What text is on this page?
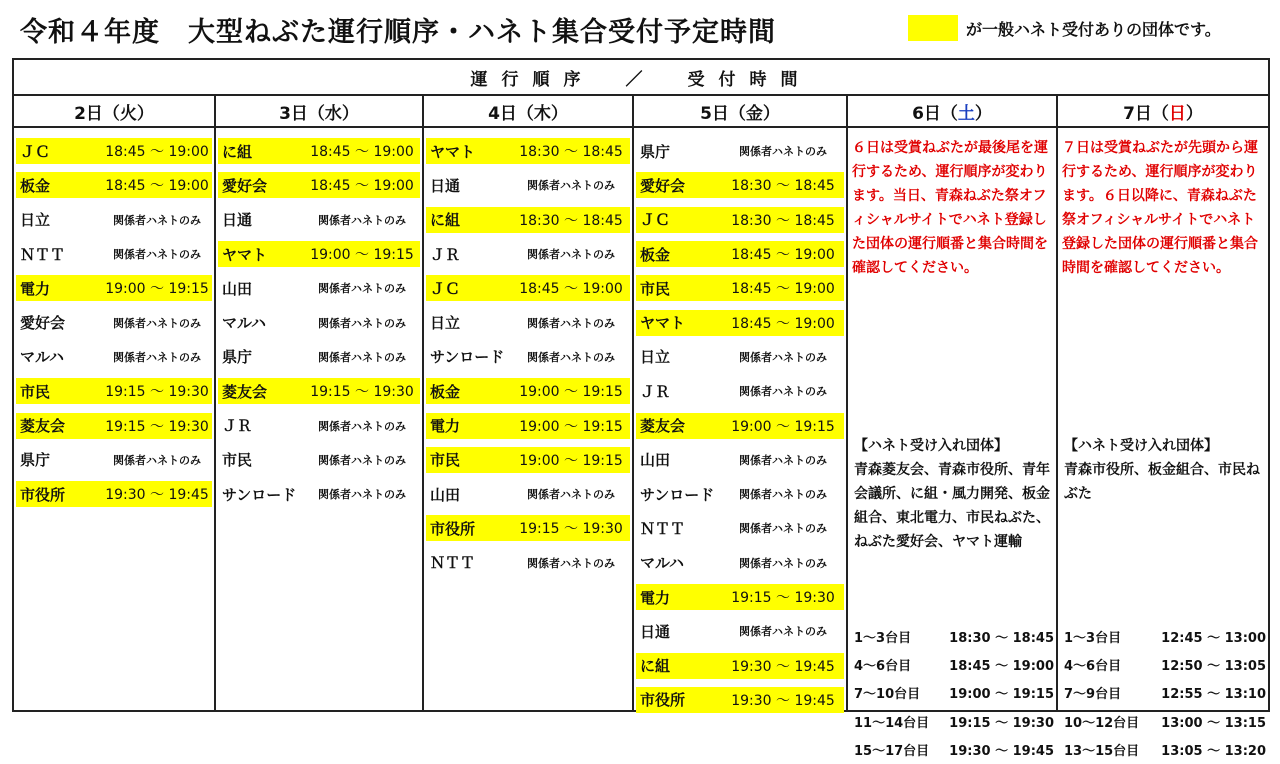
令和４年度　大型ねぶた運行順序・ハネト集合受付予定時間	が一般ハネト受付ありの団体です。
運行順序　／　受付時間
2日（ 火 ）	3日（ 水 ）	4日（ 木 ）	5日（ 金 ）	6日（ 土 ）	7日（ 日 ）
ＪＣ	18:45 ～ 19:00
板金	18:45 ～ 19:00
日立	関係者ハネトのみ
ＮＴＴ	関係者ハネトのみ
電力	19:00 ～ 19:15
愛好会	関係者ハネトのみ
マルハ	関係者ハネトのみ
市民	19:15 ～ 19:30
菱友会	19:15 ～ 19:30
県庁	関係者ハネトのみ
市役所	19:30 ～ 19:45
に組	18:45 ～ 19:00
愛好会	18:45 ～ 19:00
日通	関係者ハネトのみ
ヤマト	19:00 ～ 19:15
山田	関係者ハネトのみ
マルハ	関係者ハネトのみ
県庁	関係者ハネトのみ
菱友会	19:15 ～ 19:30
ＪＲ	関係者ハネトのみ
市民	関係者ハネトのみ
サンロード	関係者ハネトのみ
ヤマト	18:30 ～ 18:45
日通	関係者ハネトのみ
に組	18:30 ～ 18:45
ＪＲ	関係者ハネトのみ
ＪＣ	18:45 ～ 19:00
日立	関係者ハネトのみ
サンロード	関係者ハネトのみ
板金	19:00 ～ 19:15
電力	19:00 ～ 19:15
市民	19:00 ～ 19:15
山田	関係者ハネトのみ
市役所	19:15 ～ 19:30
ＮＴＴ	関係者ハネトのみ
県庁	関係者ハネトのみ
愛好会	18:30 ～ 18:45
ＪＣ	18:30 ～ 18:45
板金	18:45 ～ 19:00
市民	18:45 ～ 19:00
ヤマト	18:45 ～ 19:00
日立	関係者ハネトのみ
ＪＲ	関係者ハネトのみ
菱友会	19:00 ～ 19:15
山田	関係者ハネトのみ
サンロード	関係者ハネトのみ
ＮＴＴ	関係者ハネトのみ
マルハ	関係者ハネトのみ
電力	19:15 ～ 19:30
日通	関係者ハネトのみ
に組	19:30 ～ 19:45
市役所	19:30 ～ 19:45
６日は受賞ねぶたが最後尾を運行するため、運行順序が変わります。当日、青森ねぶた祭オフィシャルサイトでハネト登録した団体の運行順番と集合時間を確認してください。
【ハネト受け入れ団体】
青森菱友会、青森市役所、青年会議所、に組・風力開発、板金組合、東北電力、市民ねぶた、ねぶた愛好会、ヤマト運輸
1～3台目	18:30 ～ 18:45
4～6台目	18:45 ～ 19:00
7～10台目	19:00 ～ 19:15
11～14台目	19:15 ～ 19:30
15～17台目	19:30 ～ 19:45
７日は受賞ねぶたが先頭から運行するため、運行順序が変わります。６日以降に、青森ねぶた祭オフィシャルサイトでハネト登録した団体の運行順番と集合時間を確認してください。
【ハネト受け入れ団体】
青森市役所、板金組合、市民ねぶた
1～3台目	12:45 ～ 13:00
4～6台目	12:50 ～ 13:05
7～9台目	12:55 ～ 13:10
10～12台目	13:00 ～ 13:15
13～15台目	13:05 ～ 13:20
